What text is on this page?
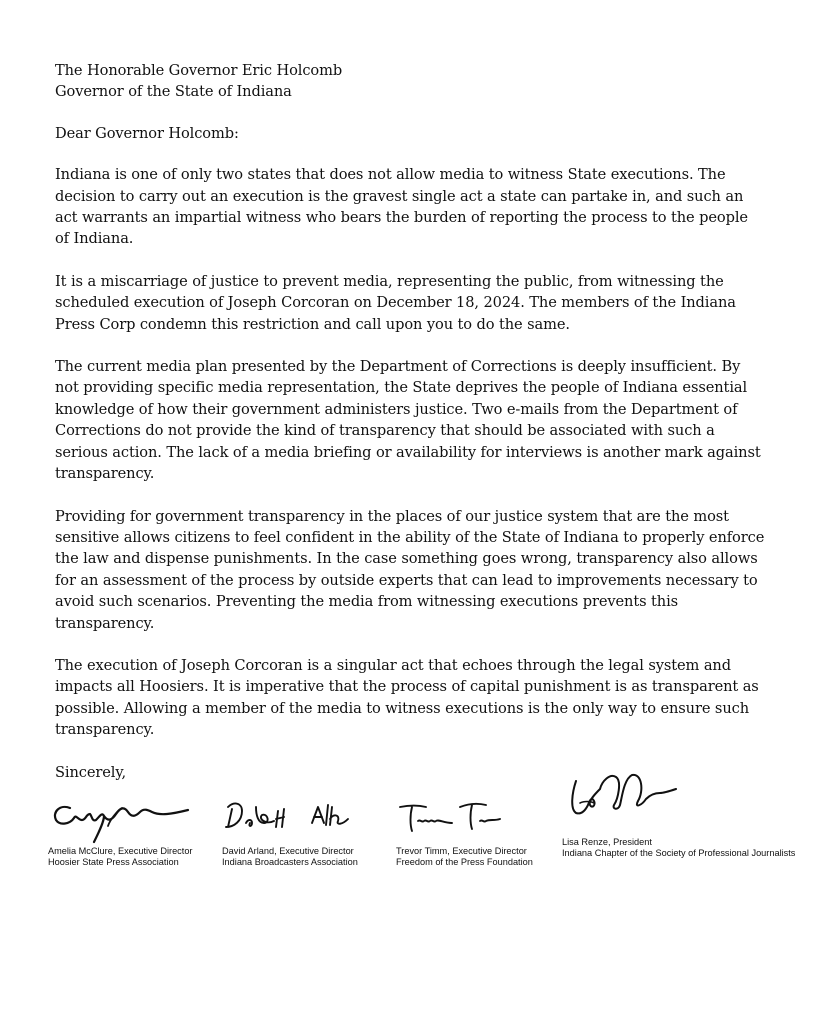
The Honorable Governor Eric Holcomb

Governor of the State of Indiana

Dear Governor Holcomb:

Indiana is one of only two states that does not allow media to witness State executions. The decision to carry out an execution is the gravest single act a state can partake in, and such an act warrants an impartial witness who bears the burden of reporting the process to the people of Indiana.

It is a miscarriage of justice to prevent media, representing the public, from witnessing the scheduled execution of Joseph Corcoran on December 18, 2024. The members of the Indiana Press Corp condemn this restriction and call upon you to do the same.

The current media plan presented by the Department of Corrections is deeply insufficient. By not providing specific media representation, the State deprives the people of Indiana essential knowledge of how their government administers justice. Two e-mails from the Department of Corrections do not provide the kind of transparency that should be associated with such a serious action. The lack of a media briefing or availability for interviews is another mark against transparency.

Providing for government transparency in the places of our justice system that are the most sensitive allows citizens to feel confident in the ability of the State of Indiana to properly enforce the law and dispense punishments. In the case something goes wrong, transparency also allows for an assessment of the process by outside experts that can lead to improvements necessary to avoid such scenarios. Preventing the media from witnessing executions prevents this transparency.

The execution of Joseph Corcoran is a singular act that echoes through the legal system and impacts all Hoosiers. It is imperative that the process of capital punishment is as transparent as possible. Allowing a member of the media to witness executions is the only way to ensure such transparency.

Sincerely,

Amelia McClure, Executive Director
Hoosier State Press Association
David Arland, Executive Director
Indiana Broadcasters Association
Trevor Timm, Executive Director
Freedom of the Press Foundation
Lisa Renze, President
Indiana Chapter of the Society of Professional Journalists
